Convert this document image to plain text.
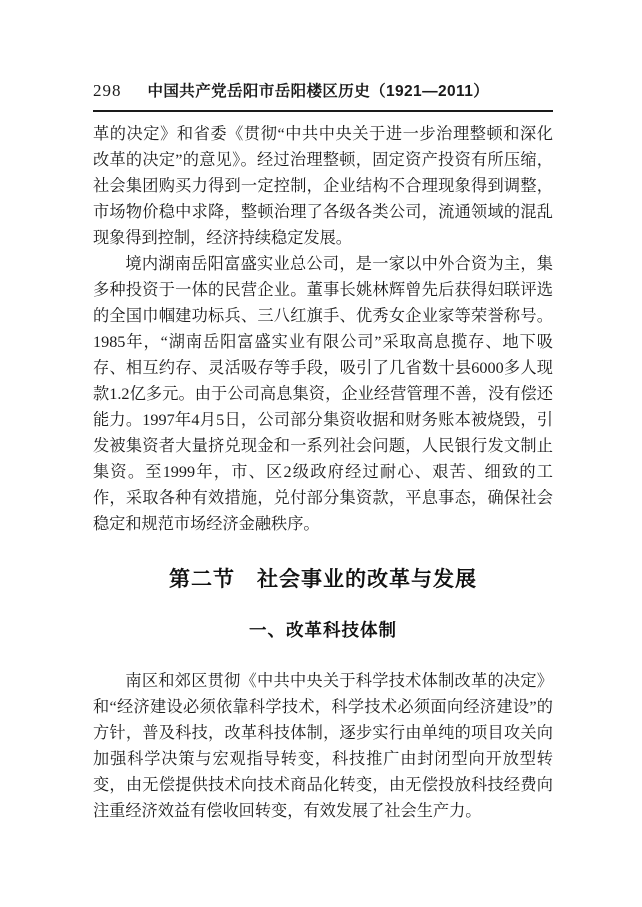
298 中国共产党岳阳市岳阳楼区历史（1921—2011）

革的决定》和省委《贯彻“中共中央关于进一步治理整顿和深化改革的决定”的意见》。经过治理整顿，固定资产投资有所压缩，社会集团购买力得到一定控制，企业结构不合理现象得到调整，市场物价稳中求降，整顿治理了各级各类公司，流通领域的混乱现象得到控制，经济持续稳定发展。

境内湖南岳阳富盛实业总公司，是一家以中外合资为主，集多种投资于一体的民营企业。董事长姚林辉曾先后获得妇联评选的全国巾帼建功标兵、三八红旗手、优秀女企业家等荣誉称号。1985年，“湖南岳阳富盛实业有限公司”采取高息揽存、地下吸存、相互约存、灵活吸存等手段，吸引了几省数十县6000多人现款1.2亿多元。由于公司高息集资，企业经营管理不善，没有偿还能力。1997年4月5日，公司部分集资收据和财务账本被烧毁，引发被集资者大量挤兑现金和一系列社会问题，人民银行发文制止集资。至1999年，市、区2级政府经过耐心、艰苦、细致的工作，采取各种有效措施，兑付部分集资款，平息事态，确保社会稳定和规范市场经济金融秩序。

第二节　社会事业的改革与发展
一、改革科技体制

南区和郊区贯彻《中共中央关于科学技术体制改革的决定》和“经济建设必须依靠科学技术，科学技术必须面向经济建设”的方针，普及科技，改革科技体制，逐步实行由单纯的项目攻关向加强科学决策与宏观指导转变，科技推广由封闭型向开放型转变，由无偿提供技术向技术商品化转变，由无偿投放科技经费向注重经济效益有偿收回转变，有效发展了社会生产力。
